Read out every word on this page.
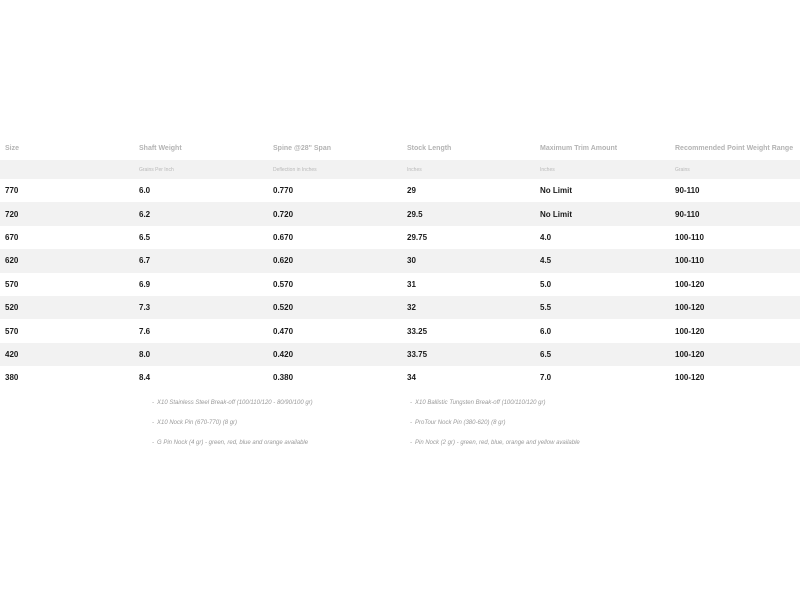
Size	Shaft Weight	Spine @28" Span	Stock Length	Maximum Trim Amount	Recommended Point Weight Range
	Grains Per Inch	Deflection in Inches	Inches	Inches	Grains
770	6.0	0.770	29	No Limit	90-110
720	6.2	0.720	29.5	No Limit	90-110
670	6.5	0.670	29.75	4.0	100-110
620	6.7	0.620	30	4.5	100-110
570	6.9	0.570	31	5.0	100-120
520	7.3	0.520	32	5.5	100-120
570	7.6	0.470	33.25	6.0	100-120
420	8.0	0.420	33.75	6.5	100-120
380	8.4	0.380	34	7.0	100-120
- X10 Stainless Steel Break-off (100/110/120 - 80/90/100 gr)
- X10 Nock Pin (670-770) (8 gr)
- G Pin Nock (4 gr) - green, red, blue and orange available
- X10 Ballistic Tungsten Break-off (100/110/120 gr)
- ProTour Nock Pin (380-620) (8 gr)
- Pin Nock (2 gr) - green, red, blue, orange and yellow available
